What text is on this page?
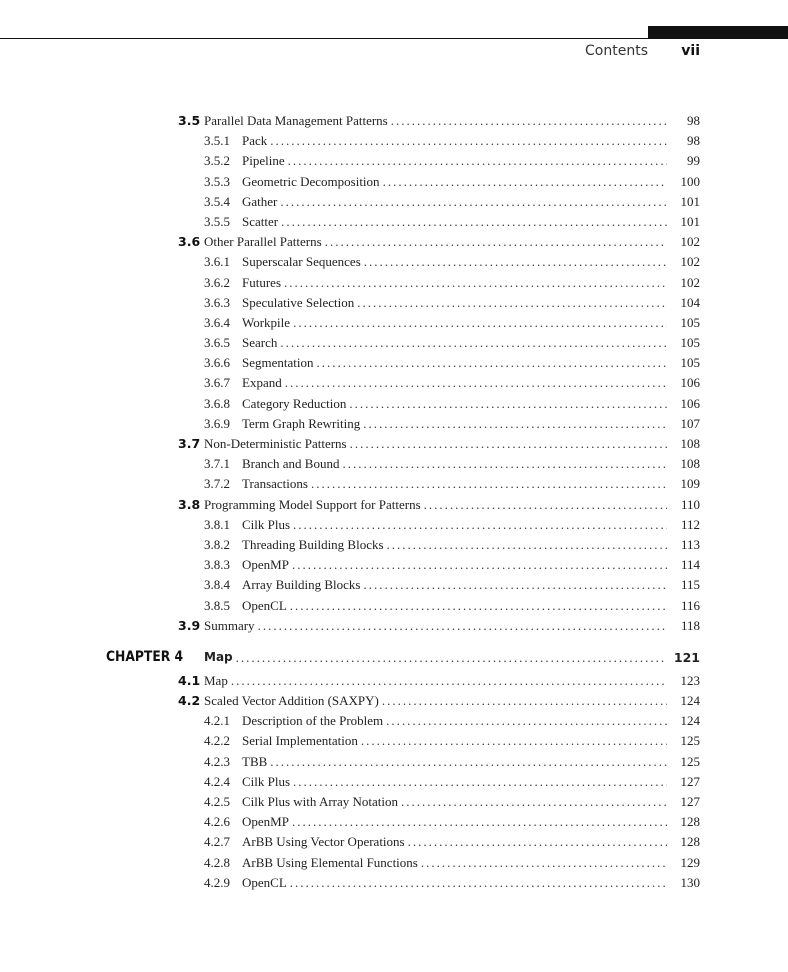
Contents vii
3.5 Parallel Data Management Patterns .....	98
3.5.1 Pack .....	98
3.5.2 Pipeline .....	99
3.5.3 Geometric Decomposition .....	100
3.5.4 Gather .....	101
3.5.5 Scatter .....	101
3.6 Other Parallel Patterns .....	102
3.6.1 Superscalar Sequences .....	102
3.6.2 Futures .....	102
3.6.3 Speculative Selection .....	104
3.6.4 Workpile .....	105
3.6.5 Search .....	105
3.6.6 Segmentation .....	105
3.6.7 Expand .....	106
3.6.8 Category Reduction .....	106
3.6.9 Term Graph Rewriting .....	107
3.7 Non-Deterministic Patterns .....	108
3.7.1 Branch and Bound .....	108
3.7.2 Transactions .....	109
3.8 Programming Model Support for Patterns .....	110
3.8.1 Cilk Plus .....	112
3.8.2 Threading Building Blocks .....	113
3.8.3 OpenMP .....	114
3.8.4 Array Building Blocks .....	115
3.8.5 OpenCL .....	116
3.9 Summary .....	118
CHAPTER 4 Map .....	121
4.1 Map .....	123
4.2 Scaled Vector Addition (SAXPY) .....	124
4.2.1 Description of the Problem .....	124
4.2.2 Serial Implementation .....	125
4.2.3 TBB .....	125
4.2.4 Cilk Plus .....	127
4.2.5 Cilk Plus with Array Notation .....	127
4.2.6 OpenMP .....	128
4.2.7 ArBB Using Vector Operations .....	128
4.2.8 ArBB Using Elemental Functions .....	129
4.2.9 OpenCL .....	130
